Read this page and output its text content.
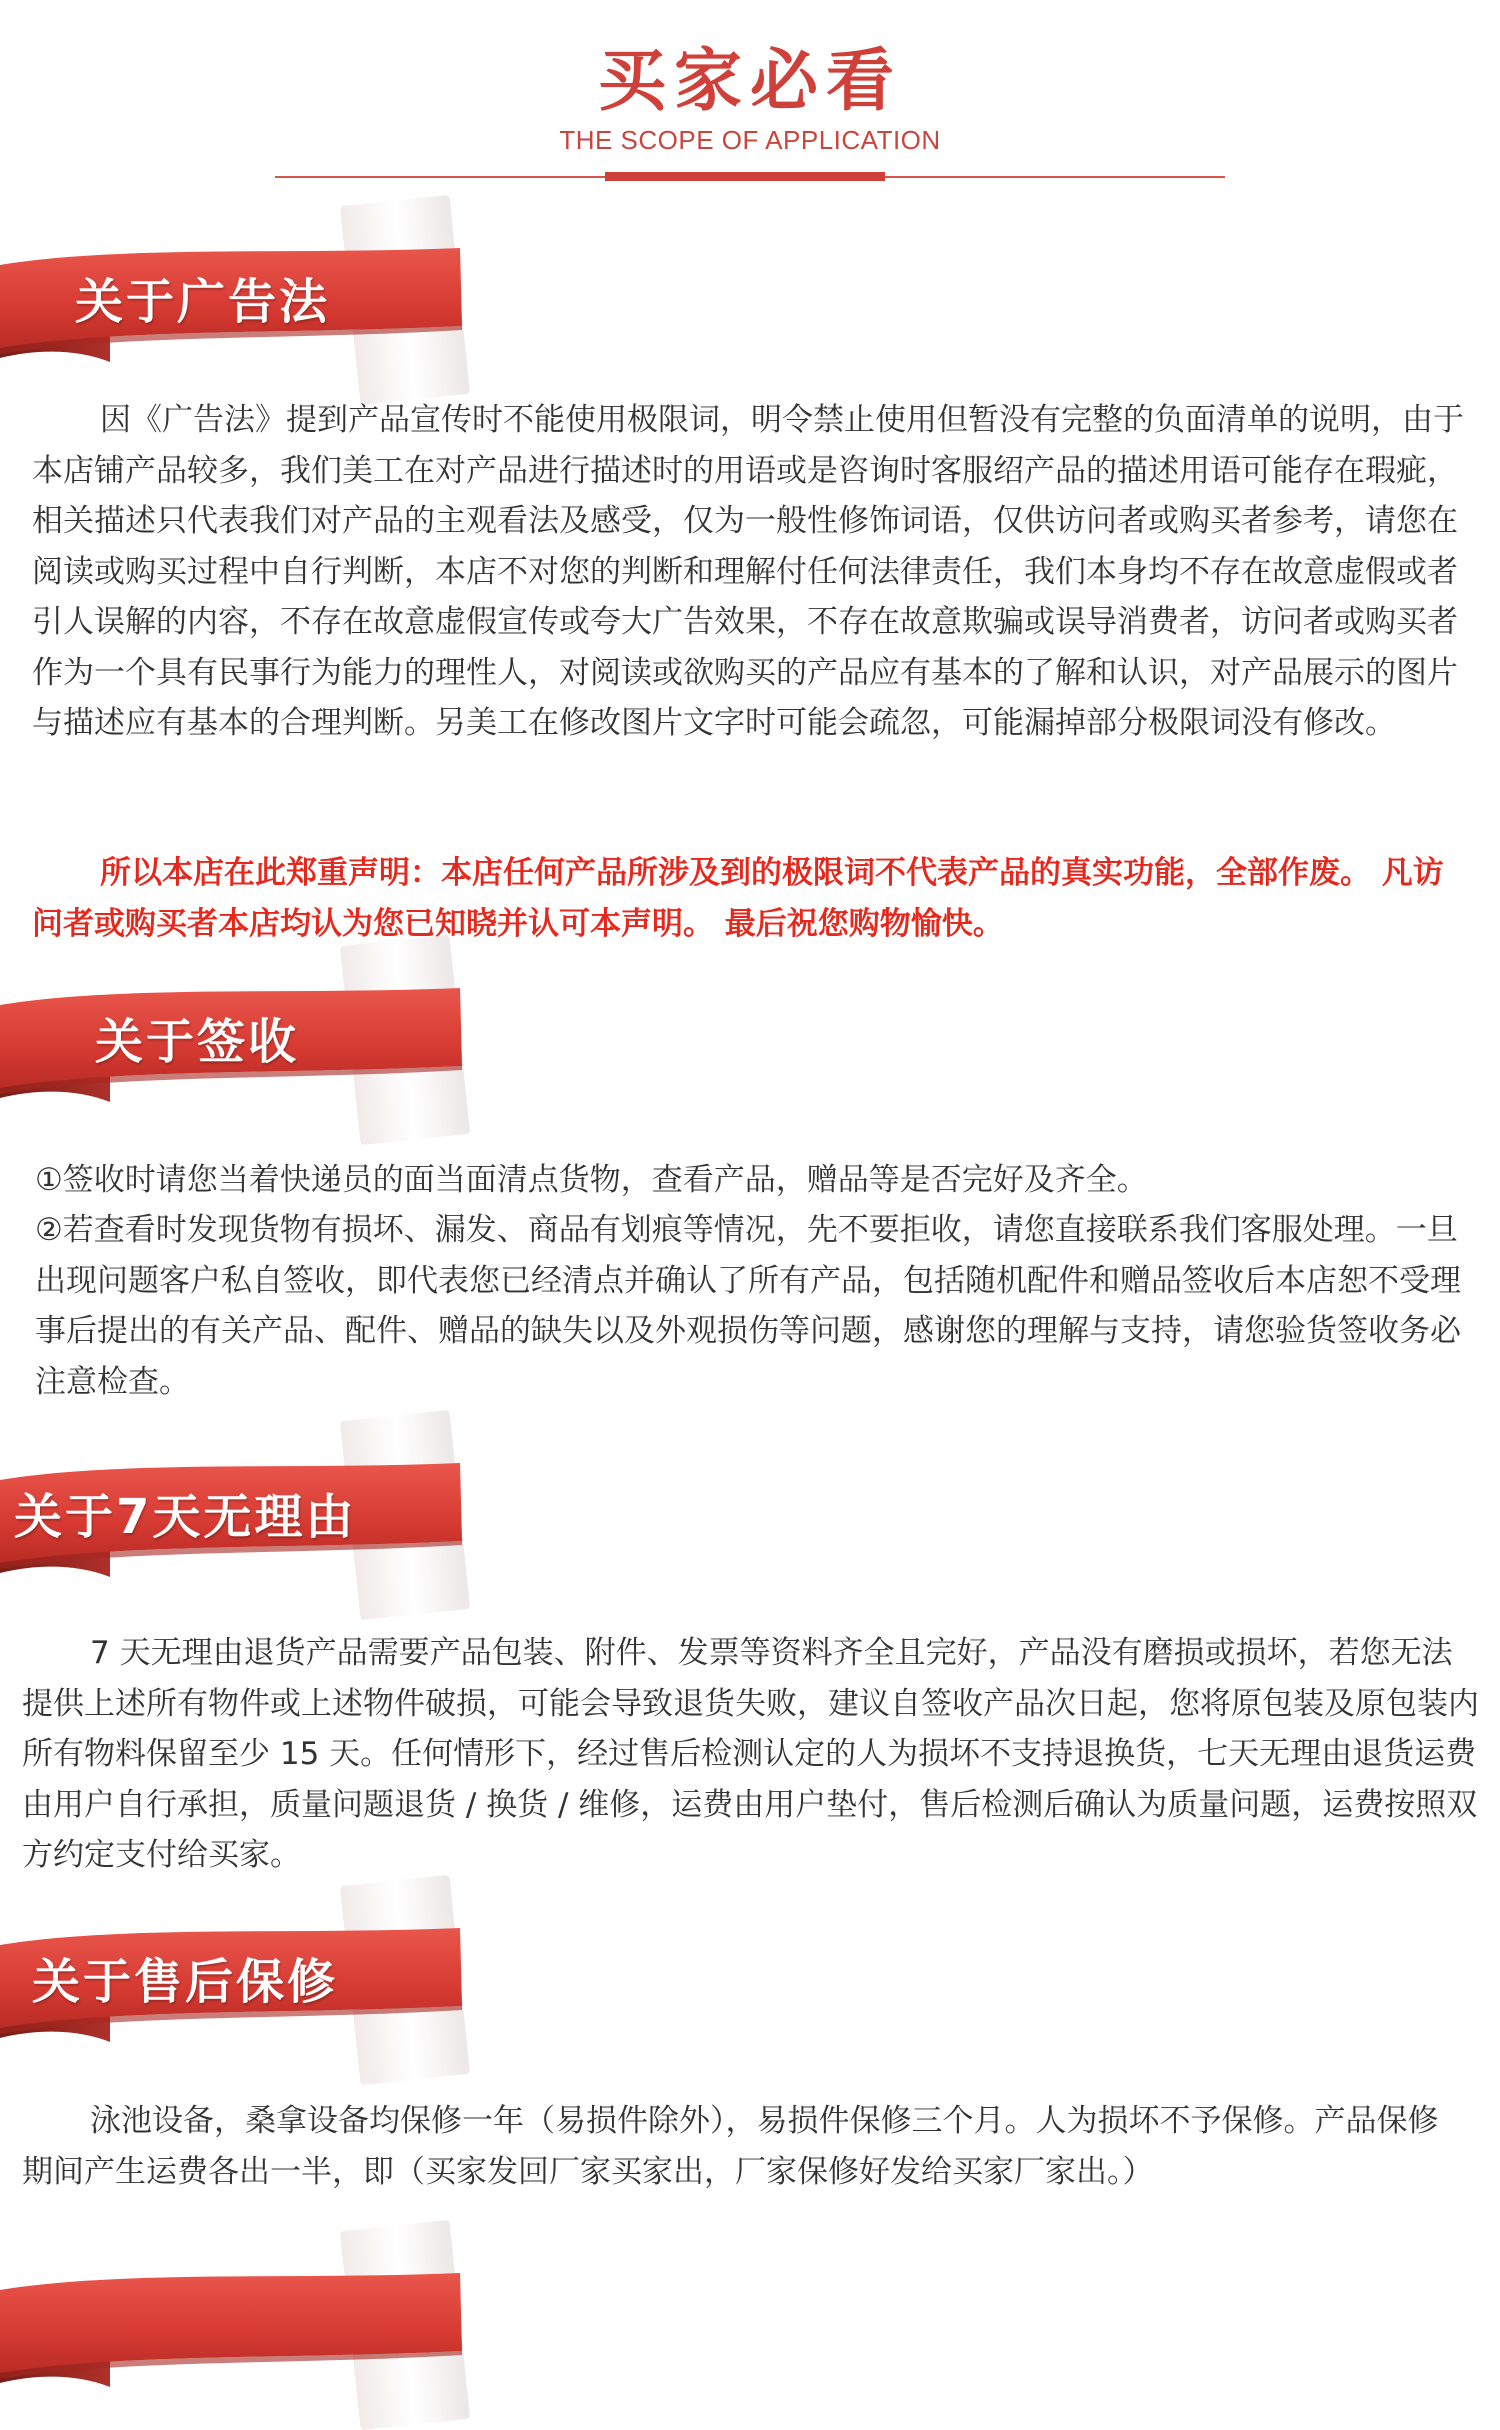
买家必看
THE SCOPE OF APPLICATION
关于广告法

因《广告法》提到产品宣传时不能使用极限词，明令禁止使用但暂没有完整的负面清单的说明，由于本店铺产品较多，我们美工在对产品进行描述时的用语或是咨询时客服绍产品的描述用语可能存在瑕疵，相关描述只代表我们对产品的主观看法及感受，仅为一般性修饰词语，仅供访问者或购买者参考，请您在阅读或购买过程中自行判断，本店不对您的判断和理解付任何法律责任，我们本身均不存在故意虚假或者引人误解的内容，不存在故意虚假宣传或夸大广告效果，不存在故意欺骗或误导消费者，访问者或购买者作为一个具有民事行为能力的理性人，对阅读或欲购买的产品应有基本的了解和认识，对产品展示的图片与描述应有基本的合理判断。另美工在修改图片文字时可能会疏忽，可能漏掉部分极限词没有修改。

所以本店在此郑重声明：本店任何产品所涉及到的极限词不代表产品的真实功能，全部作废。 凡访问者或购买者本店均认为您已知晓并认可本声明。 最后祝您购物愉快。

关于签收

①签收时请您当着快递员的面当面清点货物，查看产品，赠品等是否完好及齐全。

②若查看时发现货物有损坏、漏发、商品有划痕等情况，先不要拒收，请您直接联系我们客服处理。一旦出现问题客户私自签收，即代表您已经清点并确认了所有产品，包括随机配件和赠品签收后本店恕不受理事后提出的有关产品、配件、赠品的缺失以及外观损伤等问题，感谢您的理解与支持，请您验货签收务必注意检查。

关于7天无理由

7 天无理由退货产品需要产品包装、附件、发票等资料齐全且完好，产品没有磨损或损坏，若您无法提供上述所有物件或上述物件破损，可能会导致退货失败，建议自签收产品次日起，您将原包装及原包装内所有物料保留至少 15 天。任何情形下，经过售后检测认定的人为损坏不支持退换货，七天无理由退货运费由用户自行承担，质量问题退货 / 换货 / 维修，运费由用户垫付，售后检测后确认为质量问题，运费按照双方约定支付给买家。

关于售后保修

泳池设备，桑拿设备均保修一年（易损件除外），易损件保修三个月。人为损坏不予保修。产品保修期间产生运费各出一半，即（买家发回厂家买家出，厂家保修好发给买家厂家出。）
